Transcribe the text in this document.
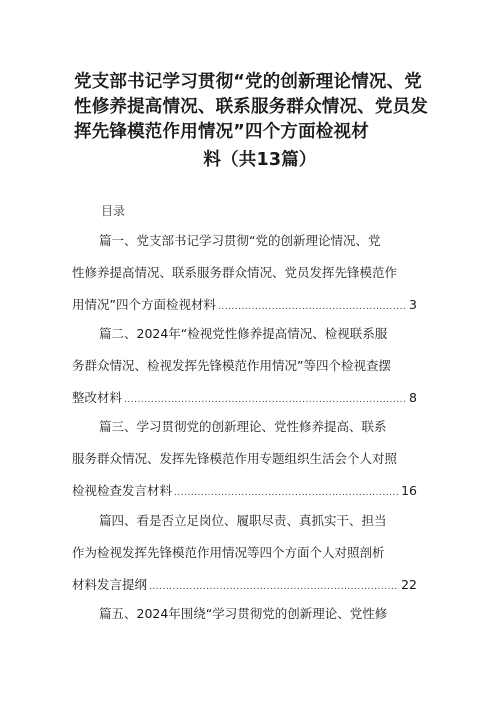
党支部书记学习贯彻“党的创新理论情况、党
性修养提高情况、联系服务群众情况、党员发
挥先锋模范作用情况”四个方面检视材
料（共13篇）
目录
篇一、党支部书记学习贯彻“党的创新理论情况、党
性修养提高情况、联系服务群众情况、党员发挥先锋模范作
用情况”四个方面检视材料 .....	3
篇二、2024年“检视党性修养提高情况、检视联系服
务群众情况、检视发挥先锋模范作用情况”等四个检视查摆
整改材料 .....	8
篇三、学习贯彻党的创新理论、党性修养提高、联系
服务群众情况、发挥先锋模范作用专题组织生活会个人对照
检视检查发言材料 .....	16
篇四、看是否立足岗位、履职尽责、真抓实干、担当
作为检视发挥先锋模范作用情况等四个方面个人对照剖析
材料发言提纲 .....	22
篇五、2024年围绕“学习贯彻党的创新理论、党性修
